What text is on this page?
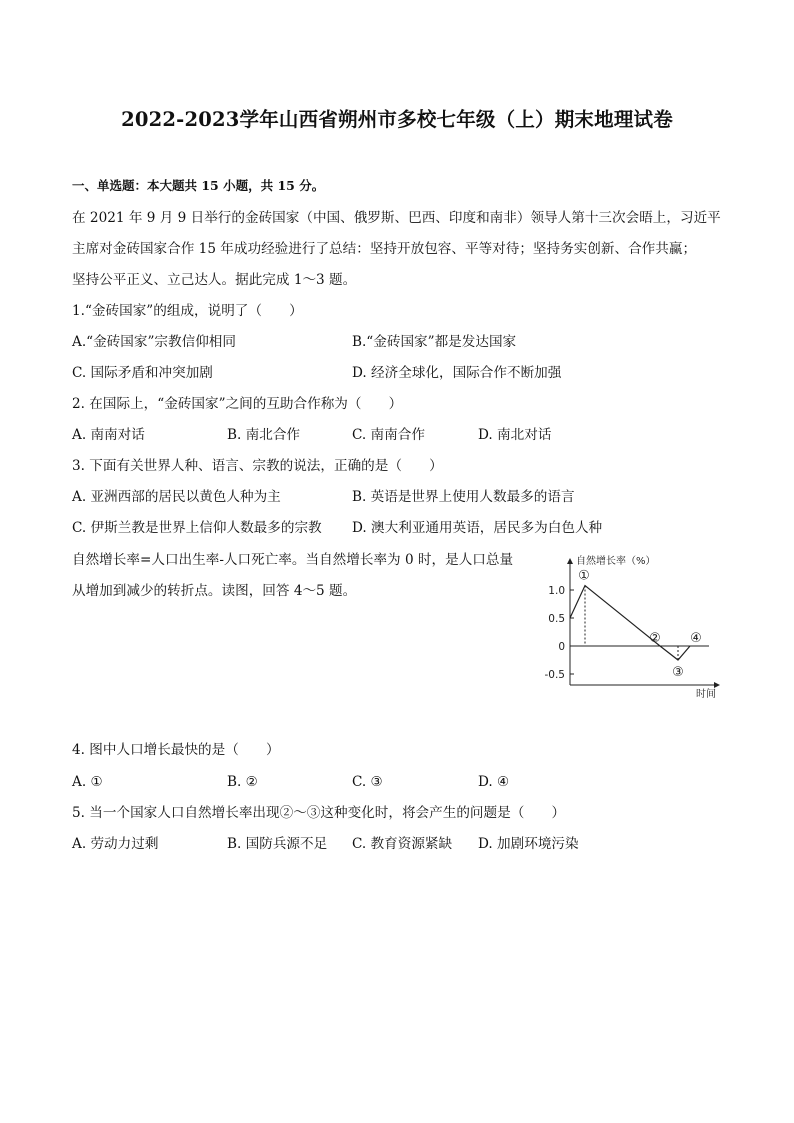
2022-2023学年山西省朔州市多校七年级（上）期末地理试卷
一、单选题：本大题共 15 小题，共 15 分。
在 2021 年 9 月 9 日举行的金砖国家（中国、俄罗斯、巴西、印度和南非）领导人第十三次会晤上，习近平
主席对金砖国家合作 15 年成功经验进行了总结：坚持开放包容、平等对待；坚持务实创新、合作共赢；
坚持公平正义、立己达人。据此完成 1～3 题。
1.“金砖国家”的组成，说明了（　　）
A.“金砖国家”宗教信仰相同	B.“金砖国家”都是发达国家
C. 国际矛盾和冲突加剧	D. 经济全球化，国际合作不断加强
2. 在国际上，“金砖国家”之间的互助合作称为（　　）
A. 南南对话	B. 南北合作	C. 南南合作	D. 南北对话
3. 下面有关世界人种、语言、宗教的说法，正确的是（　　）
A. 亚洲西部的居民以黄色人种为主	B. 英语是世界上使用人数最多的语言
C. 伊斯兰教是世界上信仰人数最多的宗教 D. 澳大利亚通用英语，居民多为白色人种
自然增长率=人口出生率-人口死亡率。当自然增长率为 0 时，是人口总量
从增加到减少的转折点。读图，回答 4～5 题。
自然增长率（%）
时间
1.0
0.5
0
-0.5
①
②
③
④
4. 图中人口增长最快的是（　　）
A. ①	B. ②	C. ③	D. ④
5. 当一个国家人口自然增长率出现②～③这种变化时，将会产生的问题是（　　）
A. 劳动力过剩	B. 国防兵源不足 C. 教育资源紧缺 D. 加剧环境污染
